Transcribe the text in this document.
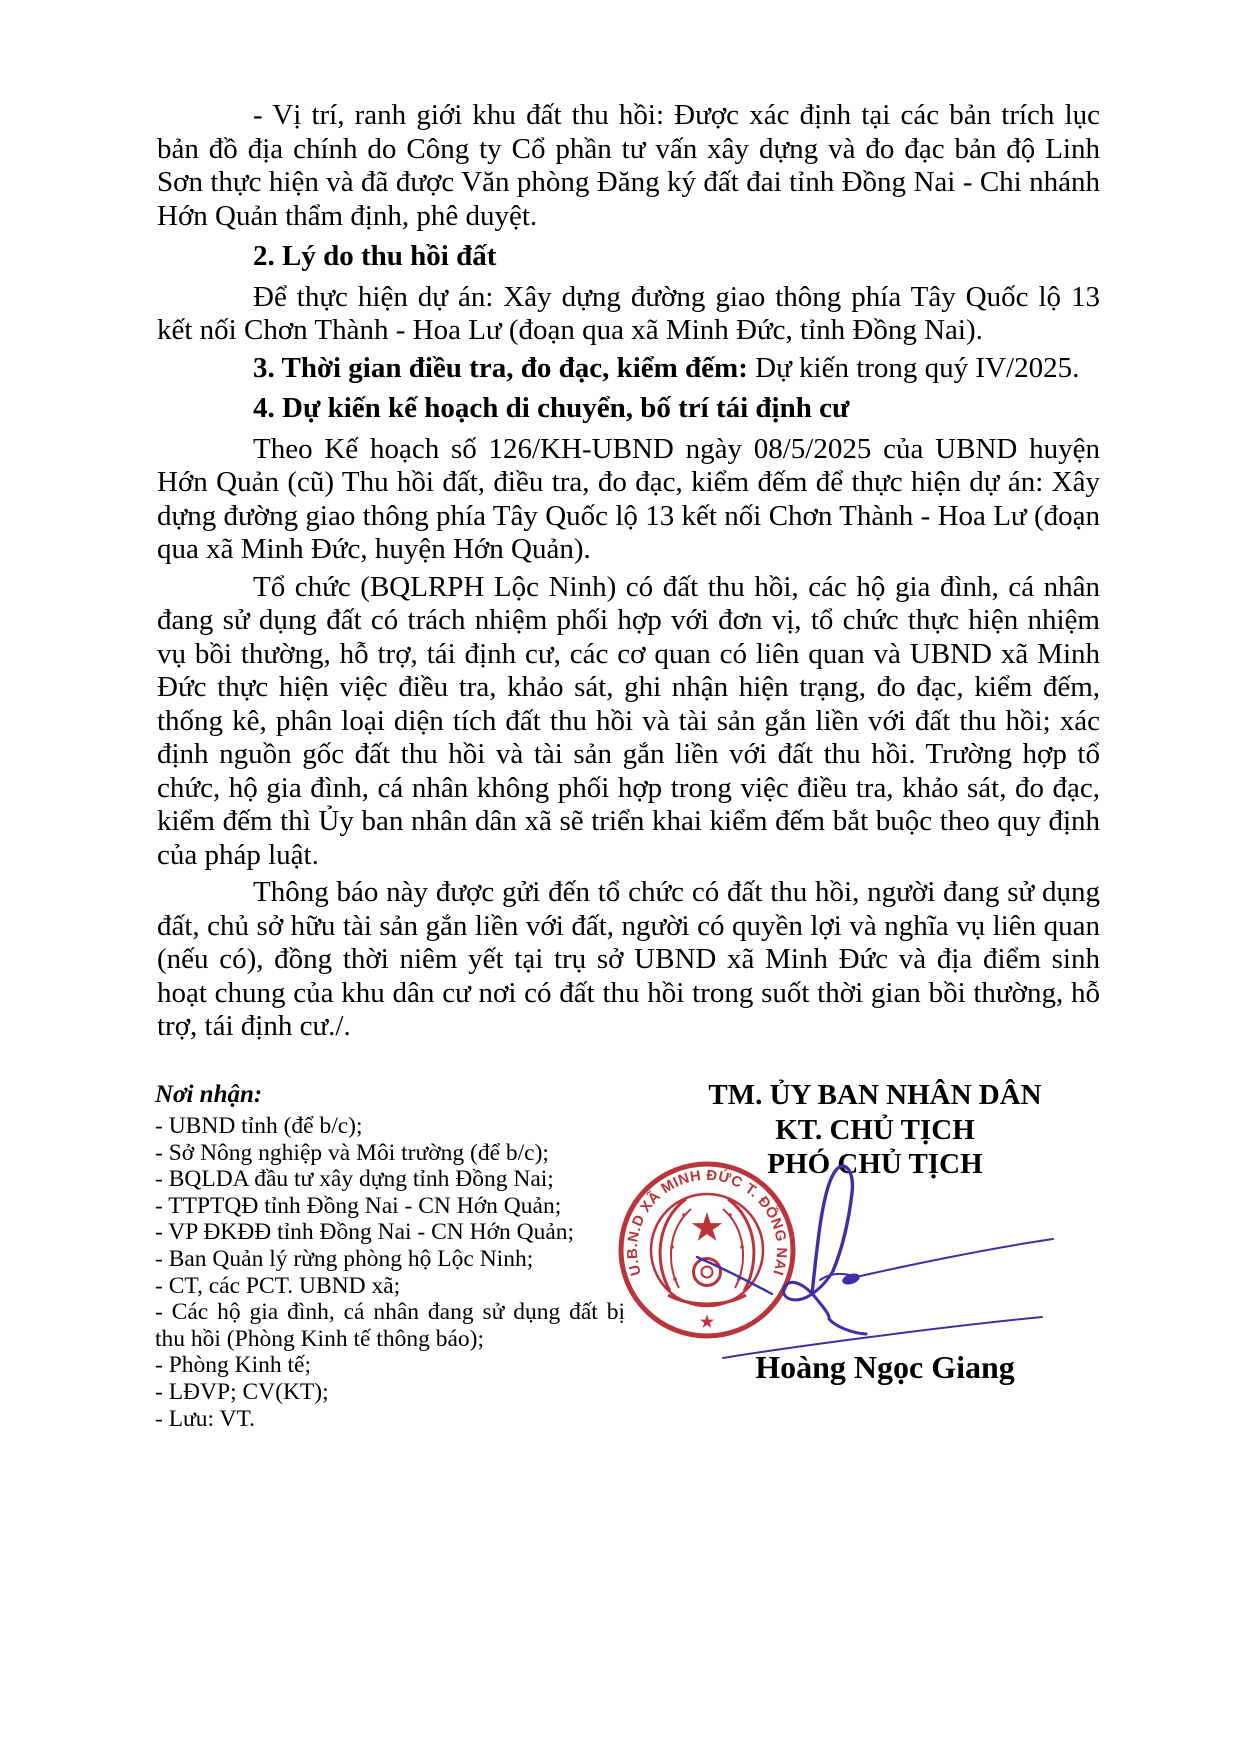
- Vị trí, ranh giới khu đất thu hồi: Được xác định tại các bản trích lục bản đồ địa chính do Công ty Cổ phần tư vấn xây dựng và đo đạc bản độ Linh Sơn thực hiện và đã được Văn phòng Đăng ký đất đai tỉnh Đồng Nai - Chi nhánh Hớn Quản thẩm định, phê duyệt.

2. Lý do thu hồi đất

Để thực hiện dự án: Xây dựng đường giao thông phía Tây Quốc lộ 13 kết nối Chơn Thành - Hoa Lư (đoạn qua xã Minh Đức, tỉnh Đồng Nai).

3. Thời gian điều tra, đo đạc, kiểm đếm: Dự kiến trong quý IV/2025.

4. Dự kiến kế hoạch di chuyển, bố trí tái định cư

Theo Kế hoạch số 126/KH-UBND ngày 08/5/2025 của UBND huyện Hớn Quản (cũ) Thu hồi đất, điều tra, đo đạc, kiểm đếm để thực hiện dự án: Xây dựng đường giao thông phía Tây Quốc lộ 13 kết nối Chơn Thành - Hoa Lư (đoạn qua xã Minh Đức, huyện Hớn Quản).

Tổ chức (BQLRPH Lộc Ninh) có đất thu hồi, các hộ gia đình, cá nhân đang sử dụng đất có trách nhiệm phối hợp với đơn vị, tổ chức thực hiện nhiệm vụ bồi thường, hỗ trợ, tái định cư, các cơ quan có liên quan và UBND xã Minh Đức thực hiện việc điều tra, khảo sát, ghi nhận hiện trạng, đo đạc, kiểm đếm, thống kê, phân loại diện tích đất thu hồi và tài sản gắn liền với đất thu hồi; xác định nguồn gốc đất thu hồi và tài sản gắn liền với đất thu hồi. Trường hợp tổ chức, hộ gia đình, cá nhân không phối hợp trong việc điều tra, khảo sát, đo đạc, kiểm đếm thì Ủy ban nhân dân xã sẽ triển khai kiểm đếm bắt buộc theo quy định của pháp luật.

Thông báo này được gửi đến tổ chức có đất thu hồi, người đang sử dụng đất, chủ sở hữu tài sản gắn liền với đất, người có quyền lợi và nghĩa vụ liên quan (nếu có), đồng thời niêm yết tại trụ sở UBND xã Minh Đức và địa điểm sinh hoạt chung của khu dân cư nơi có đất thu hồi trong suốt thời gian bồi thường, hỗ trợ, tái định cư./.

Nơi nhận:
- UBND tỉnh (để b/c);
- Sở Nông nghiệp và Môi trường (để b/c);
- BQLDA đầu tư xây dựng tỉnh Đồng Nai;
- TTPTQĐ tỉnh Đồng Nai - CN Hớn Quản;
- VP ĐKĐĐ tỉnh Đồng Nai - CN Hớn Quản;
- Ban Quản lý rừng phòng hộ Lộc Ninh;
- CT, các PCT. UBND xã;
- Các hộ gia đình, cá nhân đang sử dụng đất bị thu hồi (Phòng Kinh tế thông báo);
- Phòng Kinh tế;
- LĐVP; CV(KT);
- Lưu: VT.
TM. ỦY BAN NHÂN DÂN
KT. CHỦ TỊCH
PHÓ CHỦ TỊCH
U.B.N.D XÃ MINH ĐỨC T. ĐỒNG NAI
★
Hoàng Ngọc Giang
